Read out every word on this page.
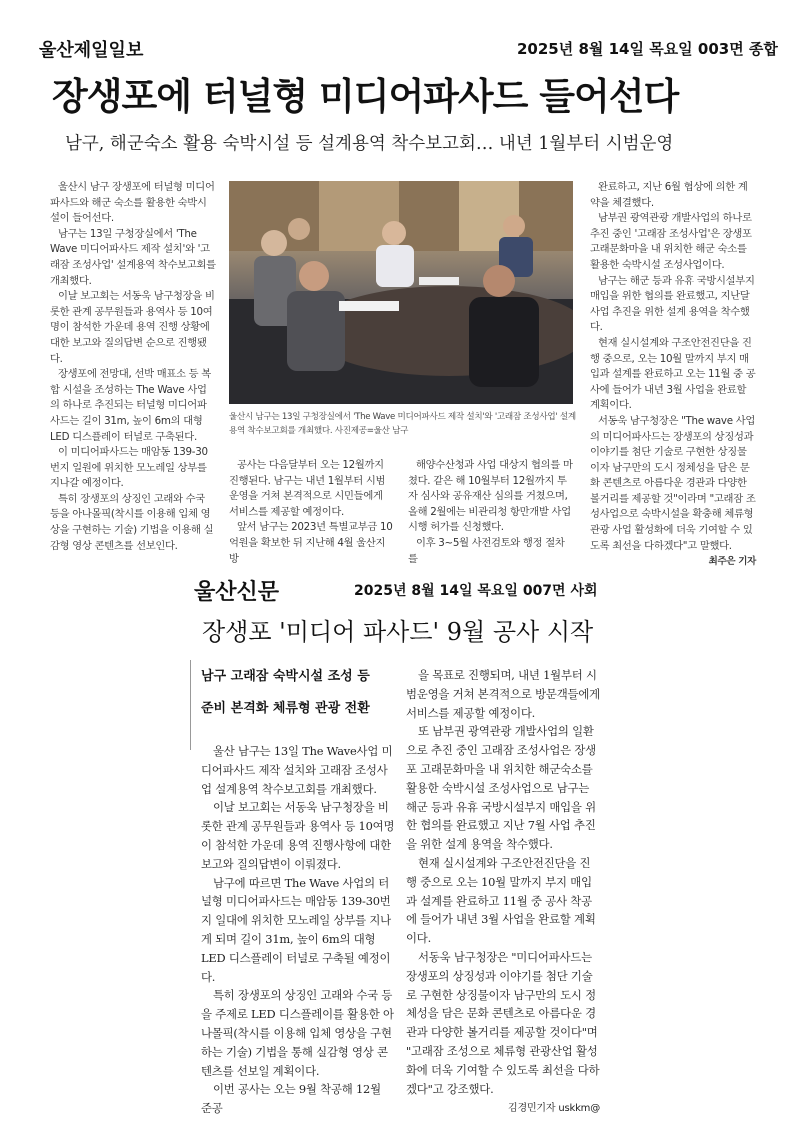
울산제일일보	2025년 8월 14일 목요일 003면 종합
장생포에 터널형 미디어파사드 들어선다
남구, 해군숙소 활용 숙박시설 등 설계용역 착수보고회… 내년 1월부터 시범운영

울산시 남구 장생포에 터널형 미디어파사드와 해군 숙소를 활용한 숙박시설이 들어선다.

남구는 13일 구청장실에서 'The Wave 미디어파사드 제작 설치'와 '고래잠 조성사업' 설계용역 착수보고회를 개최했다.

이날 보고회는 서동욱 남구청장을 비롯한 관계 공무원들과 용역사 등 10여명이 참석한 가운데 용역 진행 상황에 대한 보고와 질의답변 순으로 진행됐다.

장생포에 전망대, 선박 매표소 등 복합 시설을 조성하는 The Wave 사업의 하나로 추진되는 터널형 미디어파사드는 길이 31m, 높이 6m의 대형 LED 디스플레이 터널로 구축된다.

이 미디어파사드는 매암동 139-30번지 일원에 위치한 모노레일 상부를 지나갈 예정이다.

특히 장생포의 상징인 고래와 수국 등을 아나몰픽(착시를 이용해 입체 영상을 구현하는 기술) 기법을 이용해 실감형 영상 콘텐츠를 선보인다.

울산시 남구는 13일 구청장실에서 'The Wave 미디어파사드 제작 설치'와 '고래잠 조성사업' 설계용역 착수보고회를 개최했다. 사진제공=울산 남구

공사는 다음달부터 오는 12월까지 진행된다. 남구는 내년 1월부터 시범 운영을 거쳐 본격적으로 시민들에게 서비스를 제공할 예정이다.

앞서 남구는 2023년 특별교부금 10억원을 확보한 뒤 지난해 4월 울산지방

해양수산청과 사업 대상지 협의를 마쳤다. 같은 해 10월부터 12월까지 투자 심사와 공유재산 심의를 거쳤으며, 올해 2월에는 비관리청 항만개발 사업 시행 허가를 신청했다.

이후 3~5월 사전검토와 행정 절차를

완료하고, 지난 6월 협상에 의한 계약을 체결했다.

남부권 광역관광 개발사업의 하나로 추진 중인 '고래잠 조성사업'은 장생포 고래문화마을 내 위치한 해군 숙소를 활용한 숙박시설 조성사업이다.

남구는 해군 등과 유휴 국방시설부지 매입을 위한 협의를 완료했고, 지난달 사업 추진을 위한 설계 용역을 착수했다.

현재 실시설계와 구조안전진단을 진행 중으로, 오는 10월 말까지 부지 매입과 설계를 완료하고 오는 11월 중 공사에 들어가 내년 3월 사업을 완료할 계획이다.

서동욱 남구청장은 "The wave 사업의 미디어파사드는 장생포의 상징성과 이야기를 첨단 기술로 구현한 상징물이자 남구만의 도시 정체성을 담은 문화 콘텐츠로 아름다운 경관과 다양한 볼거리를 제공할 것"이라며 "고래잠 조성사업으로 숙박시설을 확충해 체류형 관광 사업 활성화에 더욱 기여할 수 있도록 최선을 다하겠다"고 말했다.

최주은 기자
울산신문	2025년 8월 14일 목요일 007면 사회
장생포 '미디어 파사드' 9월 공사 시작
남구 고래잠 숙박시설 조성 등
준비 본격화 체류형 관광 전환

울산 남구는 13일 The Wave사업 미디어파사드 제작 설치와 고래잠 조성사업 설계용역 착수보고회를 개최했다.

이날 보고회는 서동욱 남구청장을 비롯한 관계 공무원들과 용역사 등 10여명이 참석한 가운데 용역 진행사항에 대한 보고와 질의답변이 이뤄졌다.

남구에 따르면 The Wave 사업의 터널형 미디어파사드는 매암동 139-30번지 일대에 위치한 모노레일 상부를 지나게 되며 길이 31m, 높이 6m의 대형 LED 디스플레이 터널로 구축될 예정이다.

특히 장생포의 상징인 고래와 수국 등을 주제로 LED 디스플레이를 활용한 아나몰픽(착시를 이용해 입체 영상을 구현하는 기술) 기법을 통해 실감형 영상 콘텐츠를 선보일 계획이다.

이번 공사는 오는 9월 착공해 12월 준공

을 목표로 진행되며, 내년 1월부터 시범운영을 거쳐 본격적으로 방문객들에게 서비스를 제공할 예정이다.

또 남부권 광역관광 개발사업의 일환으로 추진 중인 고래잠 조성사업은 장생포 고래문화마을 내 위치한 해군숙소를 활용한 숙박시설 조성사업으로 남구는 해군 등과 유휴 국방시설부지 매입을 위한 협의를 완료했고 지난 7월 사업 추진을 위한 설계 용역을 착수했다.

현재 실시설계와 구조안전진단을 진행 중으로 오는 10월 말까지 부지 매입과 설계를 완료하고 11월 중 공사 착공에 들어가 내년 3월 사업을 완료할 계획이다.

서동욱 남구청장은 "미디어파사드는 장생포의 상징성과 이야기를 첨단 기술로 구현한 상징물이자 남구만의 도시 정체성을 담은 문화 콘텐츠로 아름다운 경관과 다양한 볼거리를 제공할 것이다"며 "고래잠 조성으로 체류형 관광산업 활성화에 더욱 기여할 수 있도록 최선을 다하겠다"고 강조했다.

김경민기자 uskkm@
